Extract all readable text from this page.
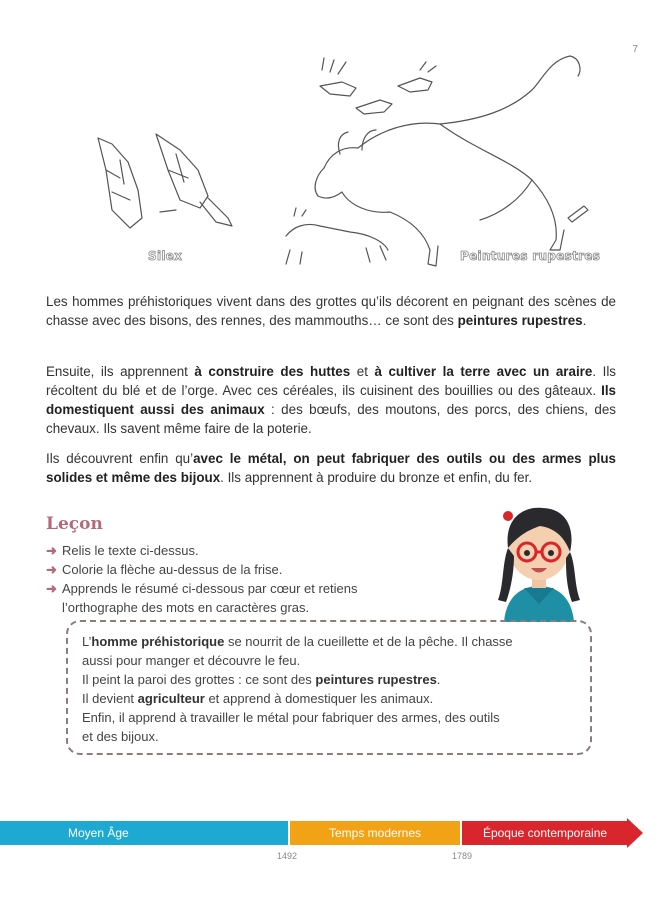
7
Silex	Peintures rupestres

Les hommes préhistoriques vivent dans des grottes qu’ils décorent en peignant des scènes de chasse avec des bisons, des rennes, des mammouths… ce sont des peintures rupestres.

Ensuite, ils apprennent à construire des huttes et à cultiver la terre avec un araire. Ils récoltent du blé et de l’orge. Avec ces céréales, ils cuisinent des bouillies ou des gâteaux. Ils domestiquent aussi des animaux : des bœufs, des moutons, des porcs, des chiens, des chevaux. Ils savent même faire de la poterie.

Ils découvrent enfin qu’avec le métal, on peut fabriquer des outils ou des armes plus solides et même des bijoux. Ils apprennent à produire du bronze et enfin, du fer.

Leçon
➜ Relis le texte ci-dessus.
➜ Colorie la flèche au-dessus de la frise.
➜ Apprends le résumé ci-dessous par cœur et retiens
l’orthographe des mots en caractères gras.
L’homme préhistorique se nourrit de la cueillette et de la pêche. Il chasse
aussi pour manger et découvre le feu.
Il peint la paroi des grottes : ce sont des peintures rupestres.
Il devient agriculteur et apprend à domestiquer les animaux.
Enfin, il apprend à travailler le métal pour fabriquer des armes, des outils
et des bijoux.
Moyen Âge	Temps modernes	Époque contemporaine
1492	1789
